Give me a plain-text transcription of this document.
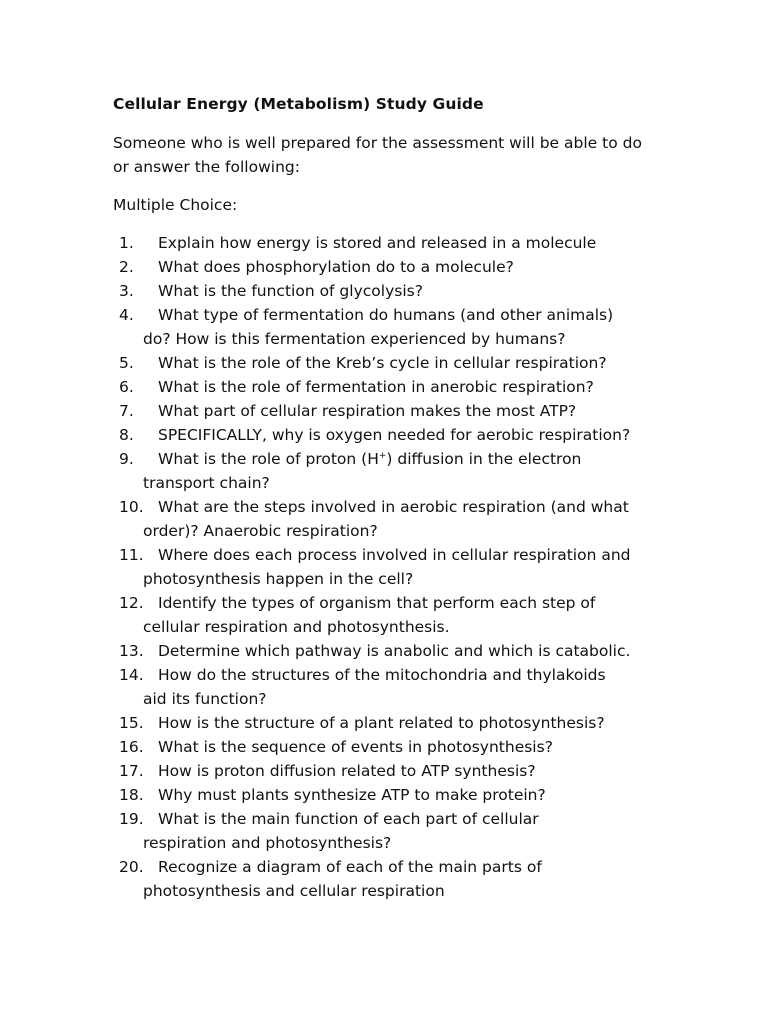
Cellular Energy (Metabolism) Study Guide

Someone who is well prepared for the assessment will be able to do
or answer the following:

Multiple Choice:

1. Explain how energy is stored and released in a molecule
2. What does phosphorylation do to a molecule?
3. What is the function of glycolysis?
4. What type of fermentation do humans (and other animals)
do? How is this fermentation experienced by humans?
5. What is the role of the Kreb’s cycle in cellular respiration?
6. What is the role of fermentation in anerobic respiration?
7. What part of cellular respiration makes the most ATP?
8. SPECIFICALLY, why is oxygen needed for aerobic respiration?
9. What is the role of proton (H+) diffusion in the electron
transport chain?
10. What are the steps involved in aerobic respiration (and what
order)? Anaerobic respiration?
11. Where does each process involved in cellular respiration and
photosynthesis happen in the cell?
12. Identify the types of organism that perform each step of
cellular respiration and photosynthesis.
13. Determine which pathway is anabolic and which is catabolic.
14. How do the structures of the mitochondria and thylakoids
aid its function?
15. How is the structure of a plant related to photosynthesis?
16. What is the sequence of events in photosynthesis?
17. How is proton diffusion related to ATP synthesis?
18. Why must plants synthesize ATP to make protein?
19. What is the main function of each part of cellular
respiration and photosynthesis?
20. Recognize a diagram of each of the main parts of
photosynthesis and cellular respiration
